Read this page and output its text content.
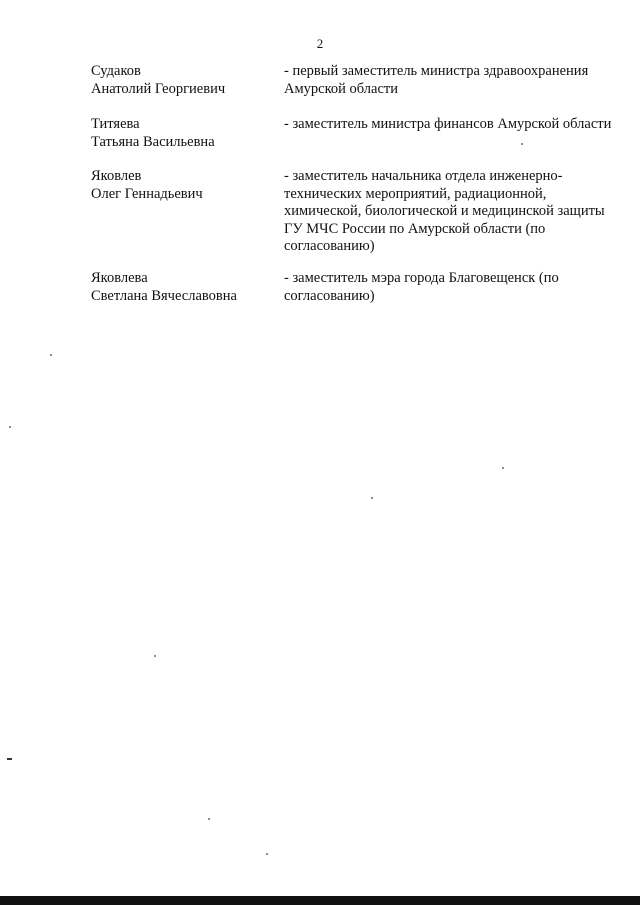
2
Судаков
Анатолий Георгиевич
- первый заместитель министра здравоохранения Амурской области
Титяева
Татьяна Васильевна
- заместитель министра финансов Амурской области
Яковлев
Олег Геннадьевич
- заместитель начальника отдела инженерно-технических мероприятий, радиационной, химической, биологической и медицинской защиты ГУ МЧС России по Амурской области (по согласованию)
Яковлева
Светлана Вячеславовна
- заместитель мэра города Благовещенск (по согласованию)
